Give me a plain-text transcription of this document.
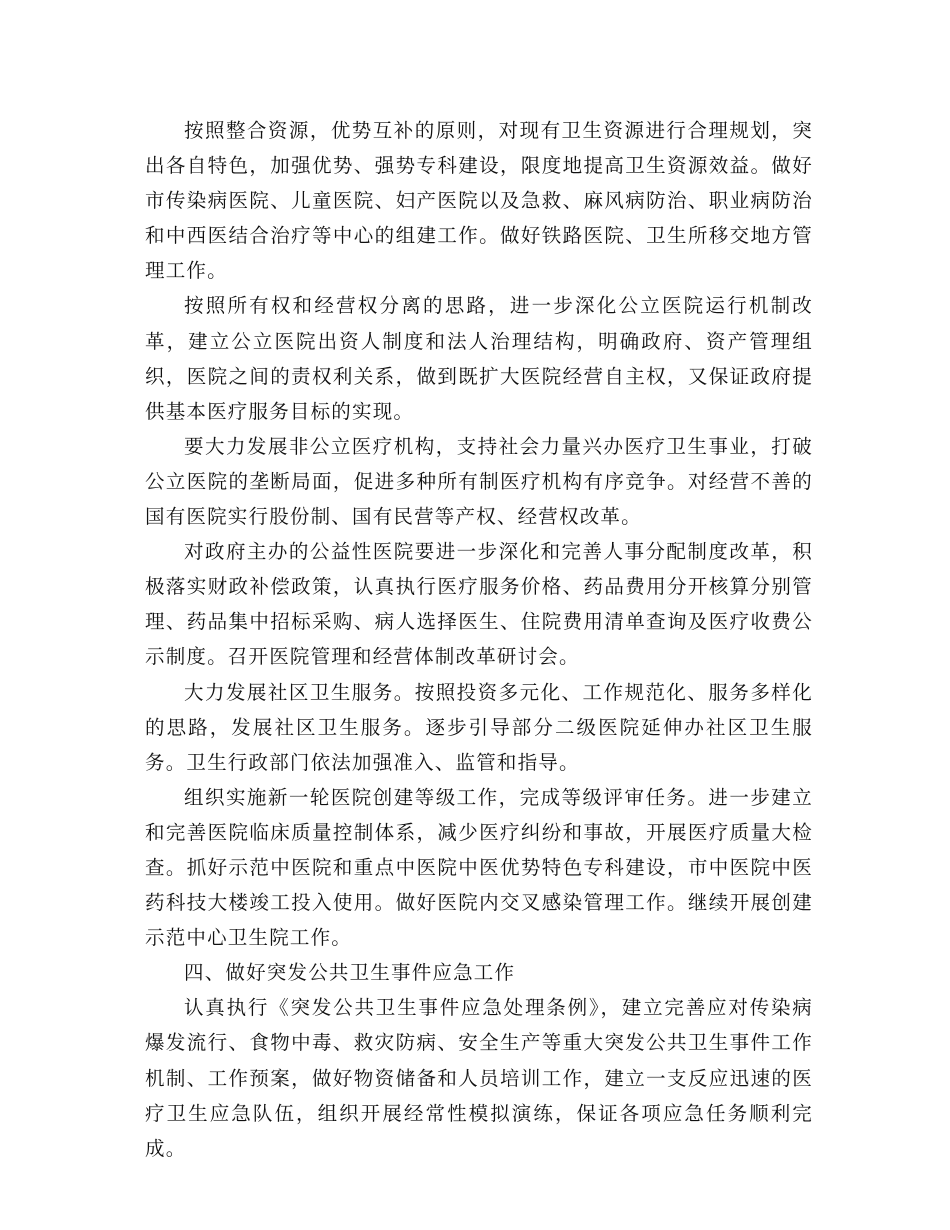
按照整合资源，优势互补的原则，对现有卫生资源进行合理规划，突出各自特色，加强优势、强势专科建设，限度地提高卫生资源效益。做好市传染病医院、儿童医院、妇产医院以及急救、麻风病防治、职业病防治和中西医结合治疗等中心的组建工作。做好铁路医院、卫生所移交地方管理工作。

按照所有权和经营权分离的思路，进一步深化公立医院运行机制改革，建立公立医院出资人制度和法人治理结构，明确政府、资产管理组织，医院之间的责权利关系，做到既扩大医院经营自主权，又保证政府提供基本医疗服务目标的实现。

要大力发展非公立医疗机构，支持社会力量兴办医疗卫生事业，打破公立医院的垄断局面，促进多种所有制医疗机构有序竞争。对经营不善的国有医院实行股份制、国有民营等产权、经营权改革。

对政府主办的公益性医院要进一步深化和完善人事分配制度改革，积极落实财政补偿政策，认真执行医疗服务价格、药品费用分开核算分别管理、药品集中招标采购、病人选择医生、住院费用清单查询及医疗收费公示制度。召开医院管理和经营体制改革研讨会。

大力发展社区卫生服务。按照投资多元化、工作规范化、服务多样化的思路，发展社区卫生服务。逐步引导部分二级医院延伸办社区卫生服务。卫生行政部门依法加强准入、监管和指导。

组织实施新一轮医院创建等级工作，完成等级评审任务。进一步建立和完善医院临床质量控制体系，减少医疗纠纷和事故，开展医疗质量大检查。抓好示范中医院和重点中医院中医优势特色专科建设，市中医院中医药科技大楼竣工投入使用。做好医院内交叉感染管理工作。继续开展创建示范中心卫生院工作。

四、做好突发公共卫生事件应急工作

认真执行《突发公共卫生事件应急处理条例》，建立完善应对传染病爆发流行、食物中毒、救灾防病、安全生产等重大突发公共卫生事件工作机制、工作预案，做好物资储备和人员培训工作，建立一支反应迅速的医疗卫生应急队伍，组织开展经常性模拟演练，保证各项应急任务顺利完成。
